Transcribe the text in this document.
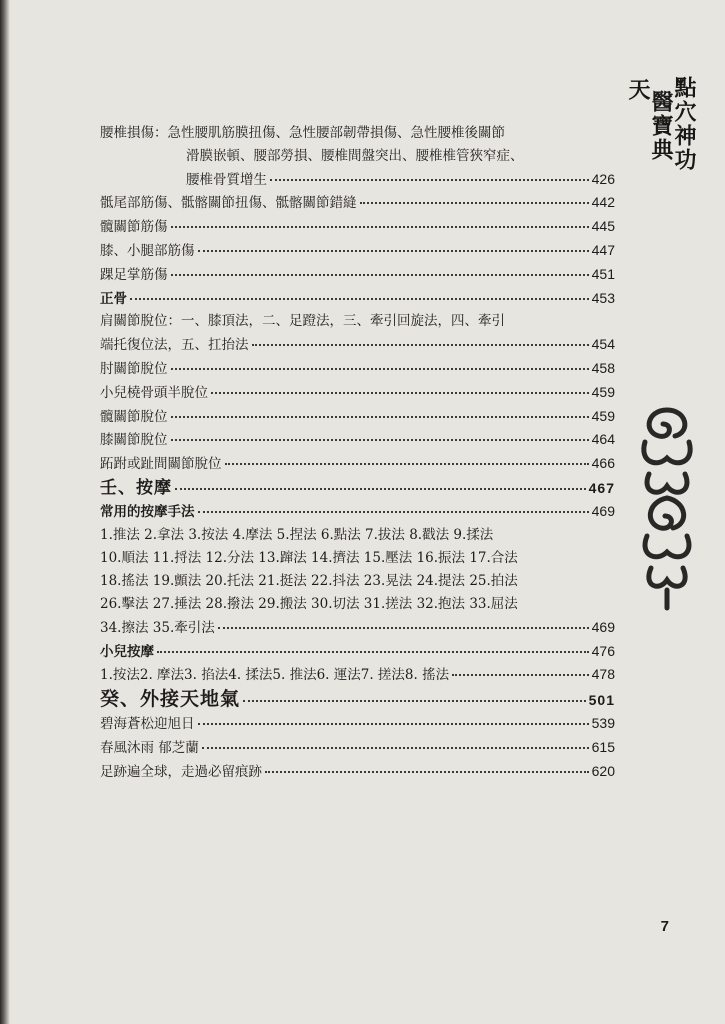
點穴神功
醫寶典
天
腰椎損傷： 急性腰肌筋膜扭傷、急性腰部韌帶損傷、急性腰椎後關節
滑膜嵌頓、腰部勞損、腰椎間盤突出、腰椎椎管狹窄症、
腰椎骨質增生	426
骶尾部筋傷、骶髂關節扭傷、骶髂關節錯縫	442
髖關節筋傷	445
膝、小腿部筋傷	447
踝足掌筋傷	451
正骨	453
肩關節脫位：一、膝頂法，二、足蹬法，三、牽引回旋法，四、牽引
端托復位法，五、扛抬法	454
肘關節脫位	458
小兒橈骨頭半脫位	459
髖關節脫位	459
膝關節脫位	464
跖跗或趾間關節脫位	466
壬、按摩	467
常用的按摩手法	469
1.推法 2.拿法 3.按法 4.摩法 5.捏法 6.點法 7.拔法 8.戳法 9.揉法
10.順法 11.捋法 12.分法 13.蹿法 14.擠法 15.壓法 16.振法 17.合法
18.搖法 19.顫法 20.托法 21.挺法 22.抖法 23.晃法 24.提法 25.拍法
26.擊法 27.捶法 28.撥法 29.搬法 30.切法 31.搓法 32.抱法 33.屈法
34.擦法 35.牽引法	469
小兒按摩	476
1.按法2. 摩法3. 掐法4. 揉法5. 推法6. 運法7. 搓法8. 搖法	478
癸、外接天地氣	501
碧海蒼松迎旭日	539
春風沐雨 郁芝蘭	615
足跡遍全球，走過必留痕跡	620
7
